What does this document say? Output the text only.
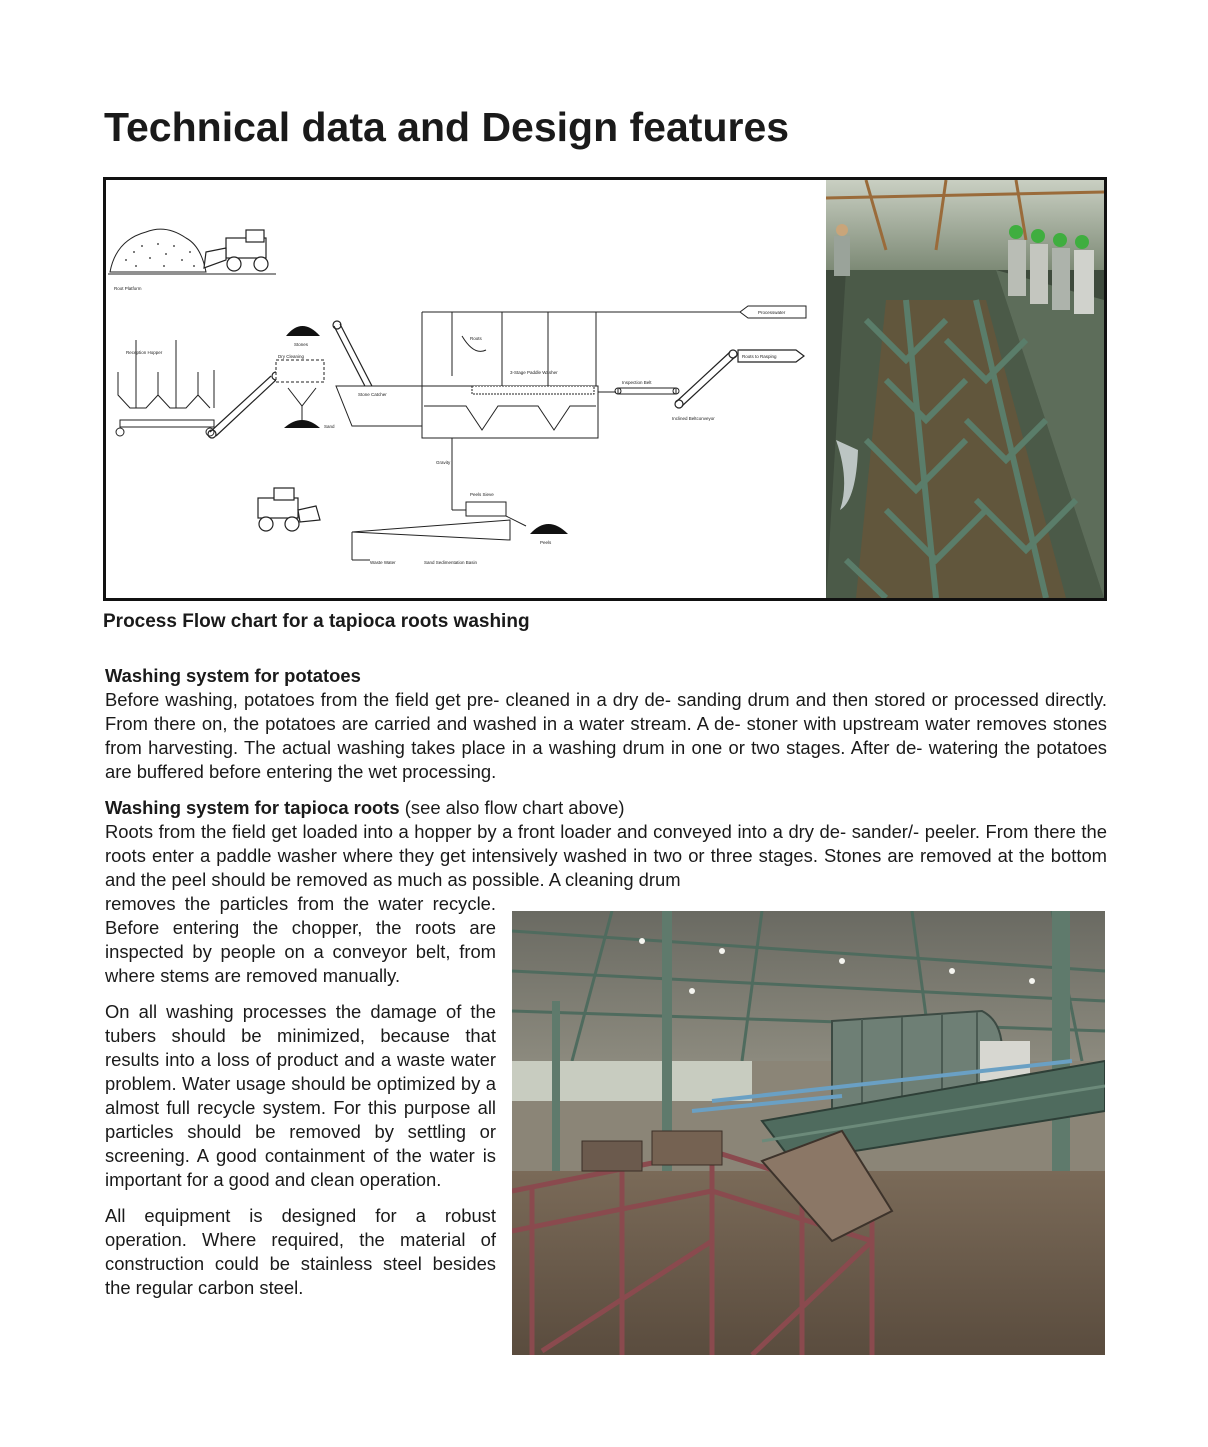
Technical data and Design features
Root Platform
Reception Hopper
Dry Cleaning
Sand
Stones
Stone Catcher
3-Stage Paddle Washer
Processwater
Roots
Inspection Belt
Roots to Rasping
Inclined Beltconveyor
Gravity
Peels Sieve
Peels
Waste Water	Sand Sedimentation Basin

Process Flow chart for a tapioca roots washing

Washing system for potatoes

Before washing, potatoes from the field get pre- cleaned in a dry de- sanding drum and then stored or processed directly. From there on, the potatoes are carried and washed in a water stream. A de- stoner with upstream water removes stones from harvesting. The actual washing takes place in a washing drum in one or two stages. After de- watering the potatoes are buffered before entering the wet processing.

Washing system for tapioca roots (see also flow chart above)

Roots from the field get loaded into a hopper by a front loader and conveyed into a dry de- sander/- peeler. From there the roots enter a paddle washer where they get intensively washed in two or three stages. Stones are removed at the bottom and the peel should be removed as much as possible. A cleaning drum

removes the particles from the water recycle. Before entering the chopper, the roots are inspected by people on a conveyor belt, from where stems are removed manually.

On all washing processes the damage of the tubers should be minimized, because that results into a loss of product and a waste water problem. Water usage should be optimized by a almost full recycle system. For this purpose all particles should be removed by settling or screening. A good containment of the water is important for a good and clean operation.

All equipment is designed for a robust operation. Where required, the material of construction could be stainless steel besides the regular carbon steel.
